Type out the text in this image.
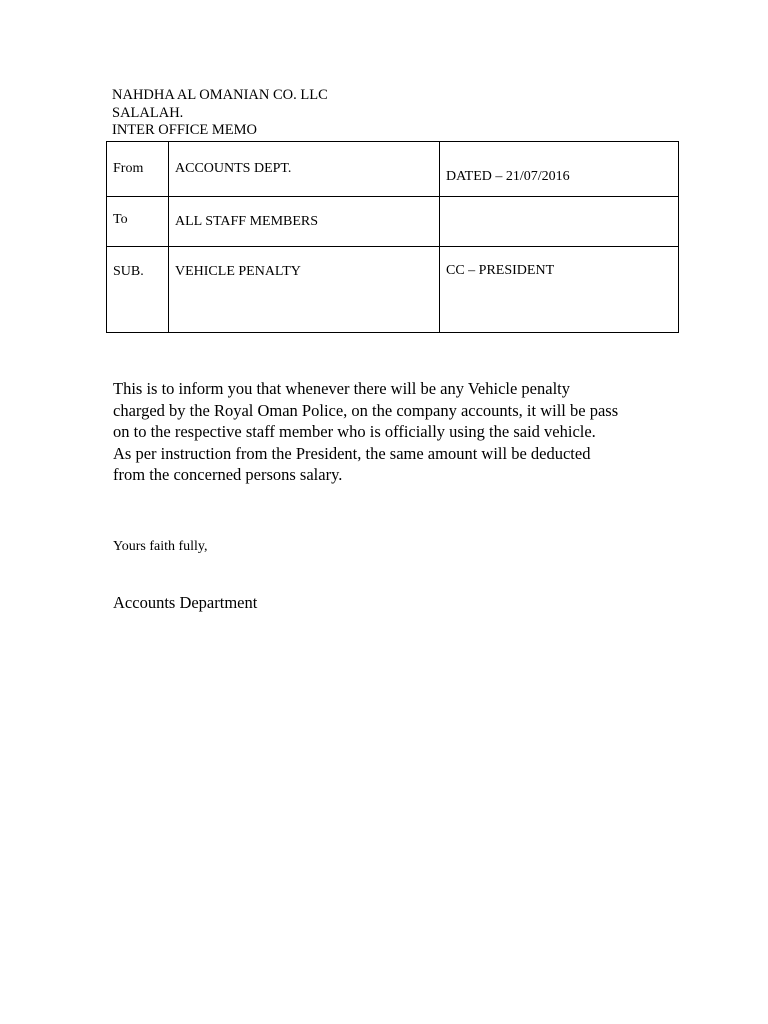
NAHDHA AL OMANIAN CO. LLC
SALALAH.
INTER OFFICE MEMO
From	ACCOUNTS DEPT.	DATED – 21/07/2016

To	ALL STAFF MEMBERS	

SUB.	VEHICLE PENALTY	CC – PRESIDENT
This is to inform you that whenever there will be any Vehicle penalty
charged by the Royal Oman Police, on the company accounts, it will be pass
on to the respective staff member who is officially using the said vehicle.
As per instruction from the President, the same amount will be deducted
from the concerned persons salary.
Yours faith fully,
Accounts Department
